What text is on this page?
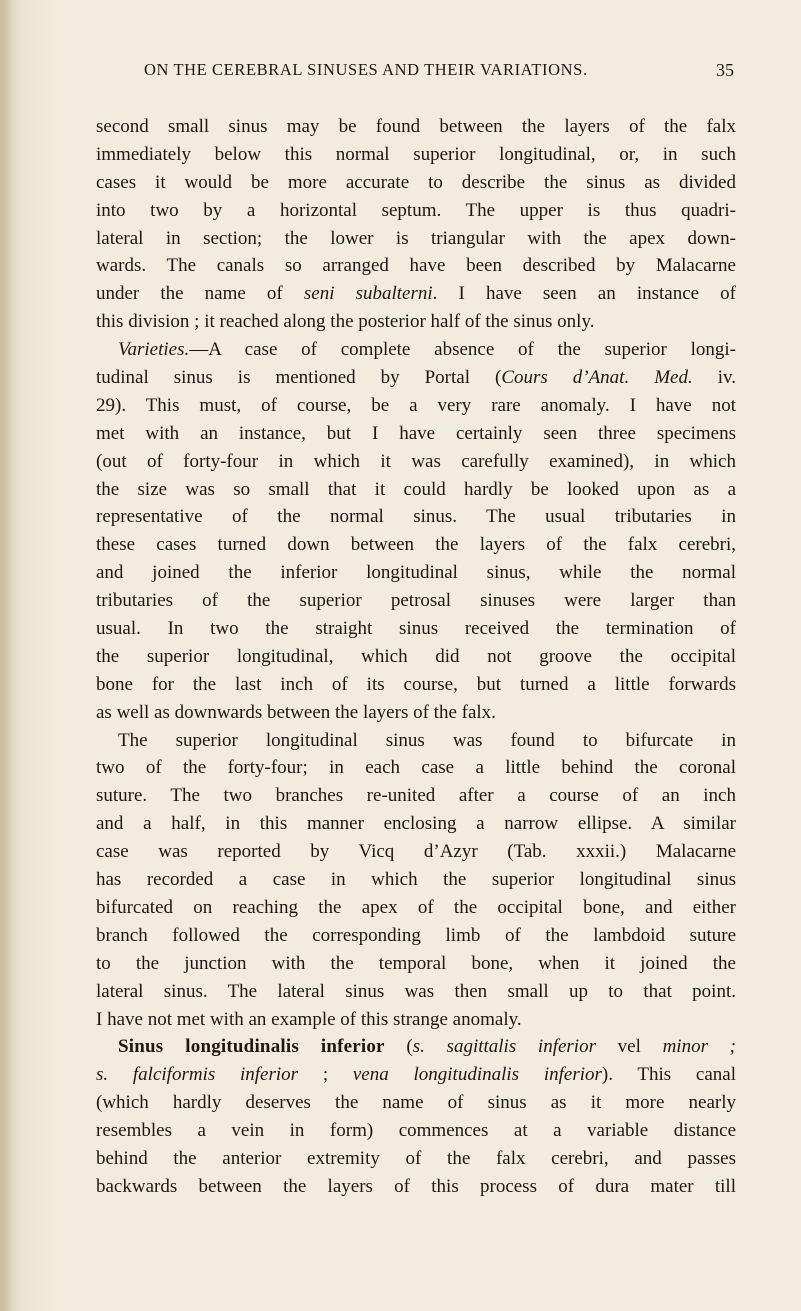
ON THE CEREBRAL SINUSES AND THEIR VARIATIONS.	35
second small sinus may be found between the layers of the falx
immediately below this normal superior longitudinal, or, in such
cases it would be more accurate to describe the sinus as divided
into two by a horizontal septum. The upper is thus quadri-
lateral in section; the lower is triangular with the apex down-
wards. The canals so arranged have been described by Malacarne
under the name of seni subalterni. I have seen an instance of
this division ; it reached along the posterior half of the sinus only.
Varieties.—A case of complete absence of the superior longi-
tudinal sinus is mentioned by Portal (Cours d’Anat. Med. iv.
29). This must, of course, be a very rare anomaly. I have not
met with an instance, but I have certainly seen three specimens
(out of forty-four in which it was carefully examined), in which
the size was so small that it could hardly be looked upon as a
representative of the normal sinus. The usual tributaries in
these cases turned down between the layers of the falx cerebri,
and joined the inferior longitudinal sinus, while the normal
tributaries of the superior petrosal sinuses were larger than
usual. In two the straight sinus received the termination of
the superior longitudinal, which did not groove the occipital
bone for the last inch of its course, but turned a little forwards
as well as downwards between the layers of the falx.
The superior longitudinal sinus was found to bifurcate in
two of the forty-four; in each case a little behind the coronal
suture. The two branches re-united after a course of an inch
and a half, in this manner enclosing a narrow ellipse. A similar
case was reported by Vicq d’Azyr (Tab. xxxii.) Malacarne
has recorded a case in which the superior longitudinal sinus
bifurcated on reaching the apex of the occipital bone, and either
branch followed the corresponding limb of the lambdoid suture
to the junction with the temporal bone, when it joined the
lateral sinus. The lateral sinus was then small up to that point.
I have not met with an example of this strange anomaly.
Sinus longitudinalis inferior (s. sagittalis inferior vel minor ;
s. falciformis inferior ; vena longitudinalis inferior). This canal
(which hardly deserves the name of sinus as it more nearly
resembles a vein in form) commences at a variable distance
behind the anterior extremity of the falx cerebri, and passes
backwards between the layers of this process of dura mater till
